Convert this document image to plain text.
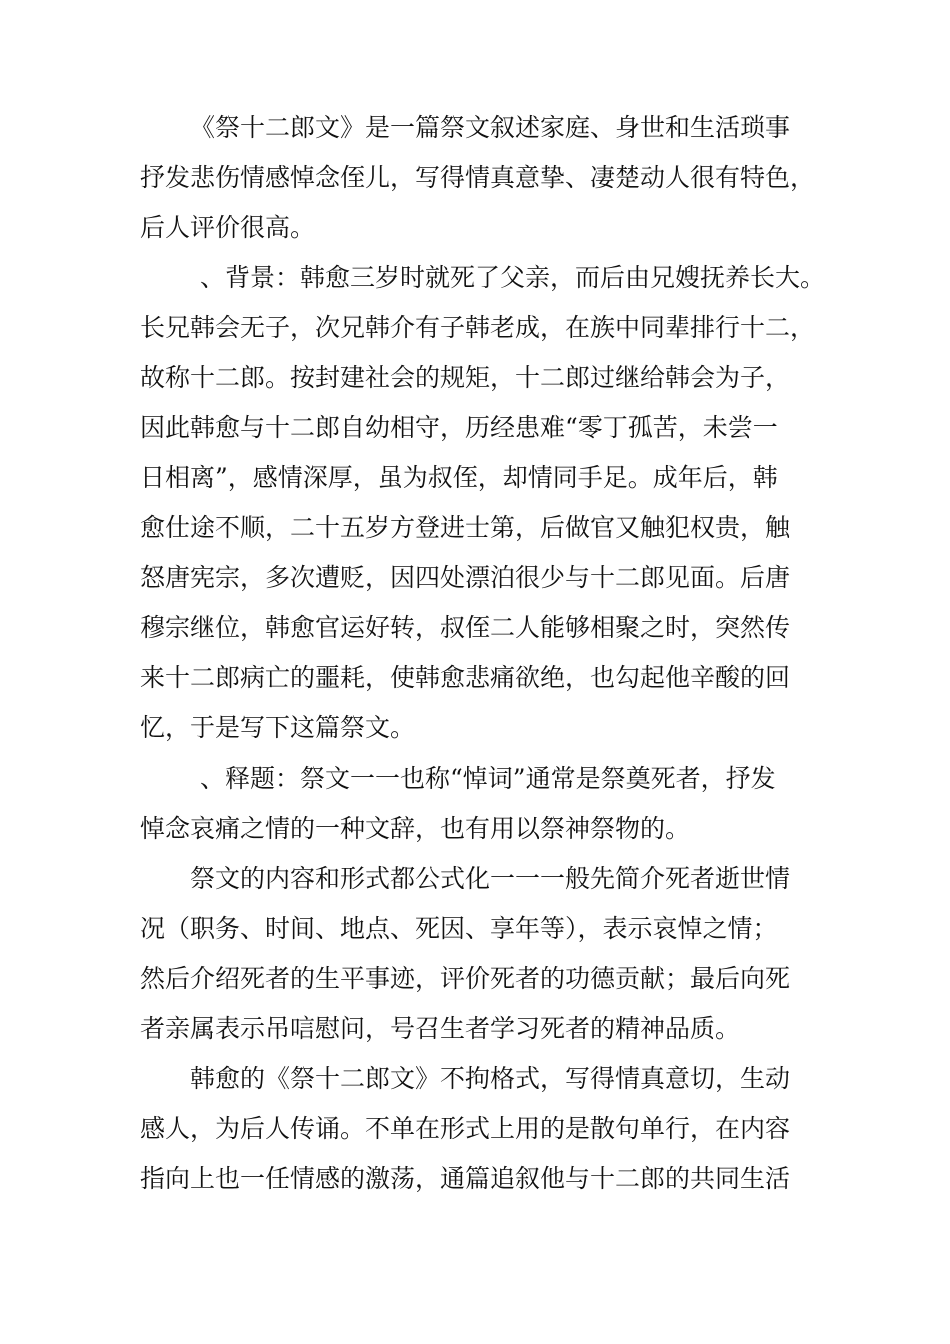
《祭十二郎文》是一篇祭文叙述家庭、身世和生活琐事

抒发悲伤情感悼念侄儿，写得情真意挚、凄楚动人很有特色，

后人评价很高。

、背景：韩愈三岁时就死了父亲，而后由兄嫂抚养长大。

长兄韩会无子，次兄韩介有子韩老成，在族中同辈排行十二，

故称十二郎。按封建社会的规矩，十二郎过继给韩会为子，

因此韩愈与十二郎自幼相守，历经患难“零丁孤苦，未尝一

日相离”，感情深厚，虽为叔侄，却情同手足。成年后，韩

愈仕途不顺，二十五岁方登进士第，后做官又触犯权贵，触

怒唐宪宗，多次遭贬，因四处漂泊很少与十二郎见面。后唐

穆宗继位，韩愈官运好转，叔侄二人能够相聚之时，突然传

来十二郎病亡的噩耗，使韩愈悲痛欲绝，也勾起他辛酸的回

忆，于是写下这篇祭文。

、释题：祭文一一也称“悼词”通常是祭奠死者，抒发

悼念哀痛之情的一种文辞，也有用以祭神祭物的。

祭文的内容和形式都公式化一一一般先简介死者逝世情

况（职务、时间、地点、死因、享年等），表示哀悼之情；

然后介绍死者的生平事迹，评价死者的功德贡献；最后向死

者亲属表示吊唁慰问，号召生者学习死者的精神品质。

韩愈的《祭十二郎文》不拘格式，写得情真意切，生动

感人，为后人传诵。不单在形式上用的是散句单行，在内容

指向上也一任情感的激荡，通篇追叙他与十二郎的共同生活
